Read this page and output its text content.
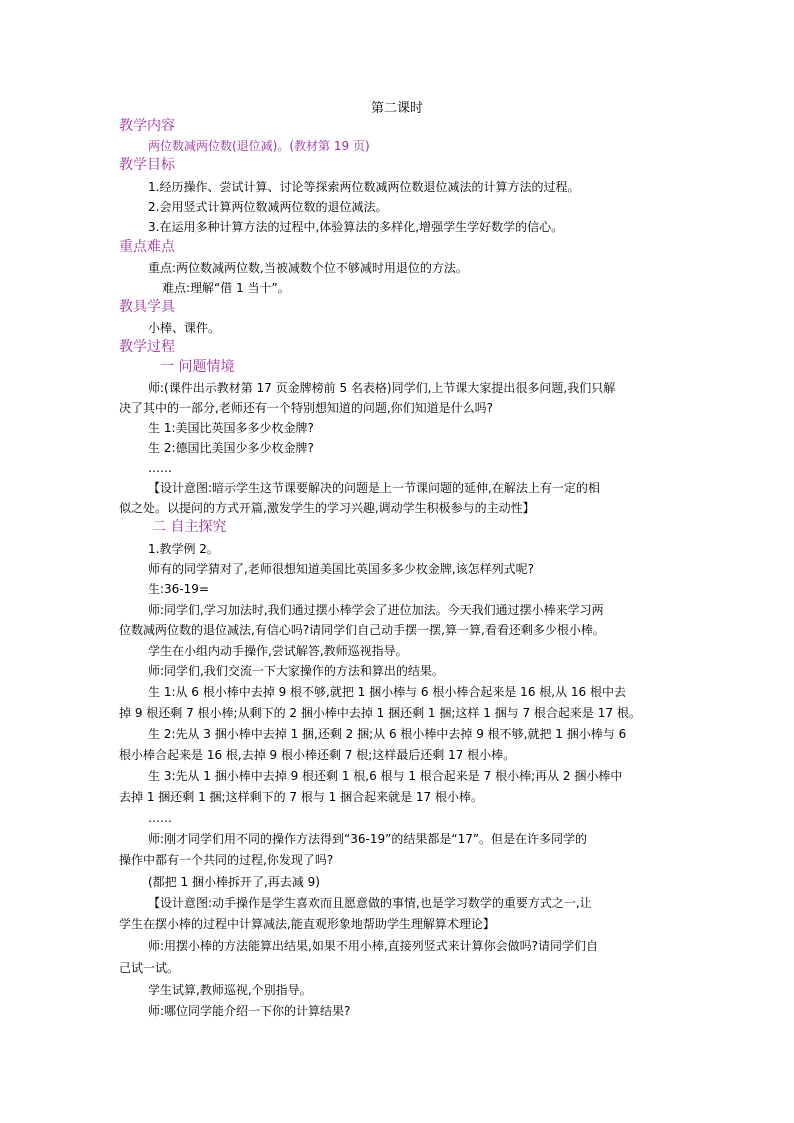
第二课时
教学内容
两位数减两位数(退位减)。(教材第 19 页)
教学目标
1.经历操作、尝试计算、讨论等探索两位数减两位数退位减法的计算方法的过程。
2.会用竖式计算两位数减两位数的退位减法。
3.在运用多种计算方法的过程中,体验算法的多样化,增强学生学好数学的信心。
重点难点
重点:两位数减两位数,当被减数个位不够减时用退位的方法。
难点:理解“借 1 当十”。
教具学具
小棒、课件。
教学过程
一 问题情境
师:(课件出示教材第 17 页金牌榜前 5 名表格)同学们,上节课大家提出很多问题,我们只解
决了其中的一部分,老师还有一个特别想知道的问题,你们知道是什么吗?
生 1:美国比英国多多少枚金牌?
生 2:德国比美国少多少枚金牌?
……
【设计意图:暗示学生这节课要解决的问题是上一节课问题的延伸,在解法上有一定的相
似之处。以提问的方式开篇,激发学生的学习兴趣,调动学生积极参与的主动性】
二 自主探究
1.教学例 2。
师有的同学猜对了,老师很想知道美国比英国多多少枚金牌,该怎样列式呢?
生:36-19=
师:同学们,学习加法时,我们通过摆小棒学会了进位加法。今天我们通过摆小棒来学习两
位数减两位数的退位减法,有信心吗?请同学们自己动手摆一摆,算一算,看看还剩多少根小棒。
学生在小组内动手操作,尝试解答,教师巡视指导。
师:同学们,我们交流一下大家操作的方法和算出的结果。
生 1:从 6 根小棒中去掉 9 根不够,就把 1 捆小棒与 6 根小棒合起来是 16 根,从 16 根中去
掉 9 根还剩 7 根小棒;从剩下的 2 捆小棒中去掉 1 捆还剩 1 捆;这样 1 捆与 7 根合起来是 17 根。
生 2:先从 3 捆小棒中去掉 1 捆,还剩 2 捆;从 6 根小棒中去掉 9 根不够,就把 1 捆小棒与 6
根小棒合起来是 16 根,去掉 9 根小棒还剩 7 根;这样最后还剩 17 根小棒。
生 3:先从 1 捆小棒中去掉 9 根还剩 1 根,6 根与 1 根合起来是 7 根小棒;再从 2 捆小棒中
去掉 1 捆还剩 1 捆;这样剩下的 7 根与 1 捆合起来就是 17 根小棒。
……
师:刚才同学们用不同的操作方法得到“36-19”的结果都是“17”。但是在许多同学的
操作中都有一个共同的过程,你发现了吗?
(都把 1 捆小棒拆开了,再去减 9)
【设计意图:动手操作是学生喜欢而且愿意做的事情,也是学习数学的重要方式之一,让
学生在摆小棒的过程中计算减法,能直观形象地帮助学生理解算术理论】
师:用摆小棒的方法能算出结果,如果不用小棒,直接列竖式来计算你会做吗?请同学们自
己试一试。
学生试算,教师巡视,个别指导。
师:哪位同学能介绍一下你的计算结果?
